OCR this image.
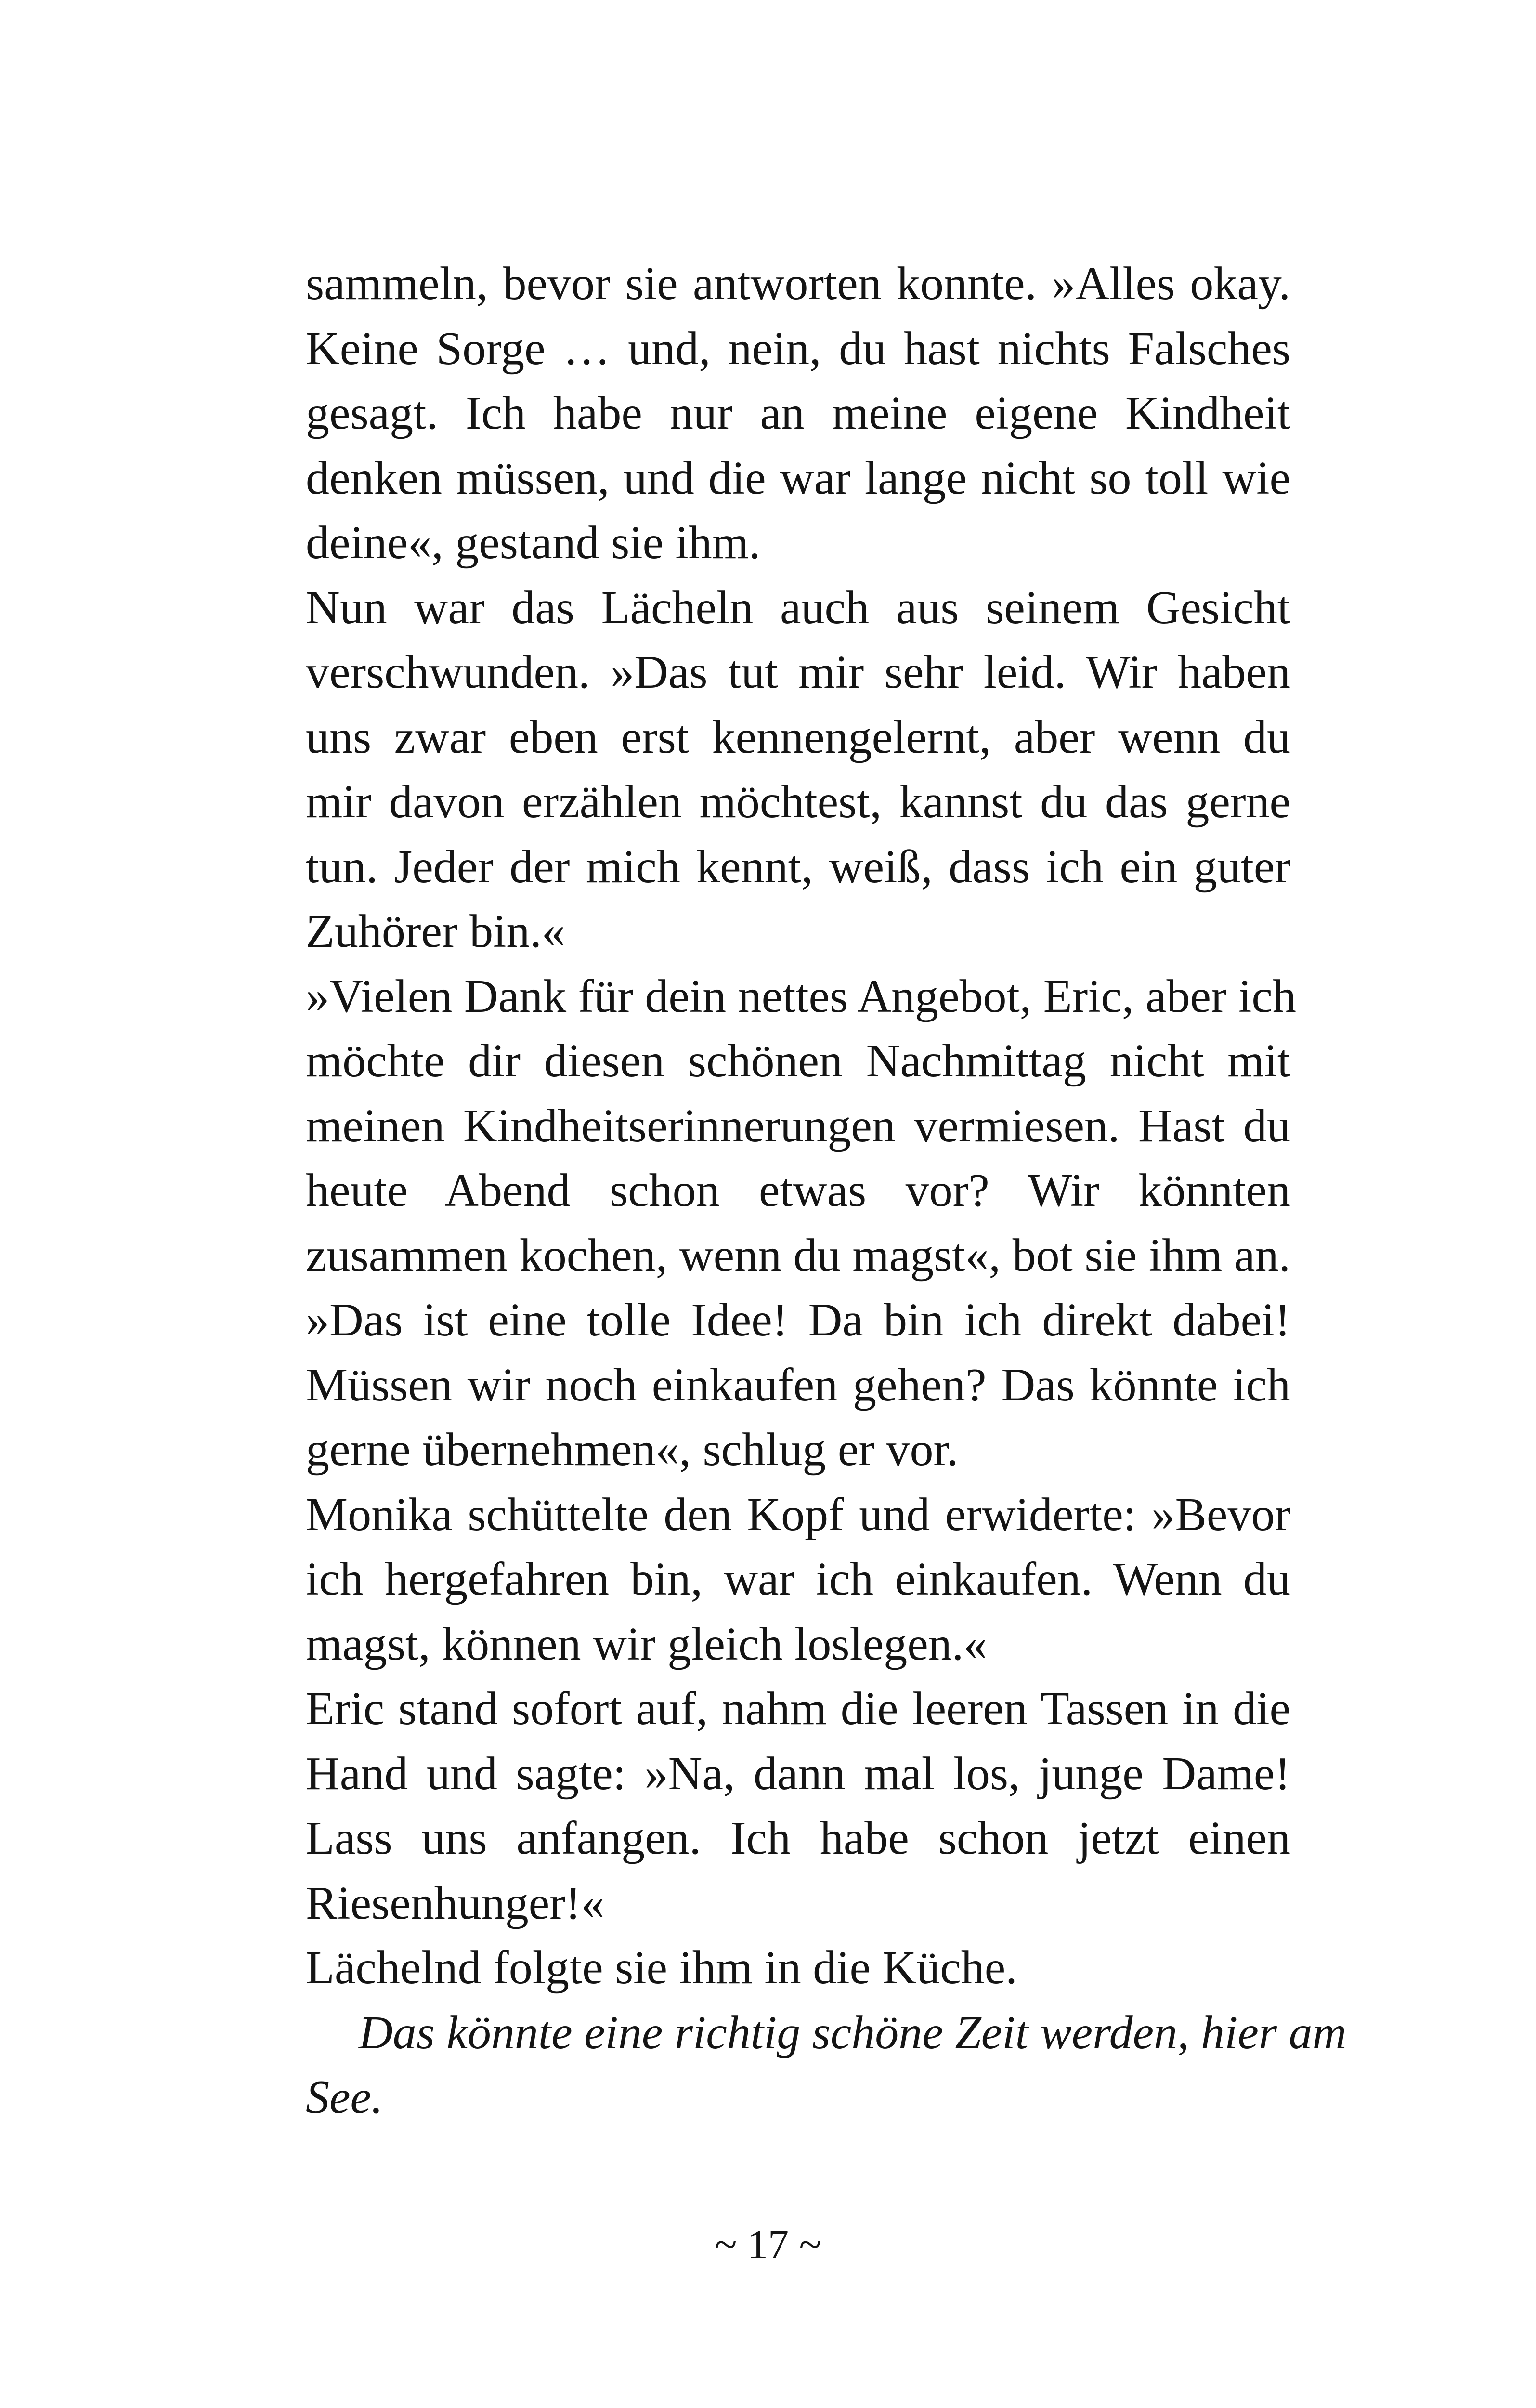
sammeln, bevor sie antworten konnte. »Alles okay.
Keine Sorge … und, nein, du hast nichts Falsches
gesagt. Ich habe nur an meine eigene Kindheit
denken müssen, und die war lange nicht so toll wie
deine«, gestand sie ihm.
Nun war das Lächeln auch aus seinem Gesicht
verschwunden. »Das tut mir sehr leid. Wir haben
uns zwar eben erst kennengelernt, aber wenn du
mir davon erzählen möchtest, kannst du das gerne
tun. Jeder der mich kennt, weiß, dass ich ein guter
Zuhörer bin.«
»Vielen Dank für dein nettes Angebot, Eric, aber ich
möchte dir diesen schönen Nachmittag nicht mit
meinen Kindheitserinnerungen vermiesen. Hast du
heute Abend schon etwas vor? Wir könnten
zusammen kochen, wenn du magst«, bot sie ihm an.
»Das ist eine tolle Idee! Da bin ich direkt dabei!
Müssen wir noch einkaufen gehen? Das könnte ich
gerne übernehmen«, schlug er vor.
Monika schüttelte den Kopf und erwiderte: »Bevor
ich hergefahren bin, war ich einkaufen. Wenn du
magst, können wir gleich loslegen.«
Eric stand sofort auf, nahm die leeren Tassen in die
Hand und sagte: »Na, dann mal los, junge Dame!
Lass uns anfangen. Ich habe schon jetzt einen
Riesenhunger!«
Lächelnd folgte sie ihm in die Küche.
Das könnte eine richtig schöne Zeit werden, hier am
See.
~ 17 ~
